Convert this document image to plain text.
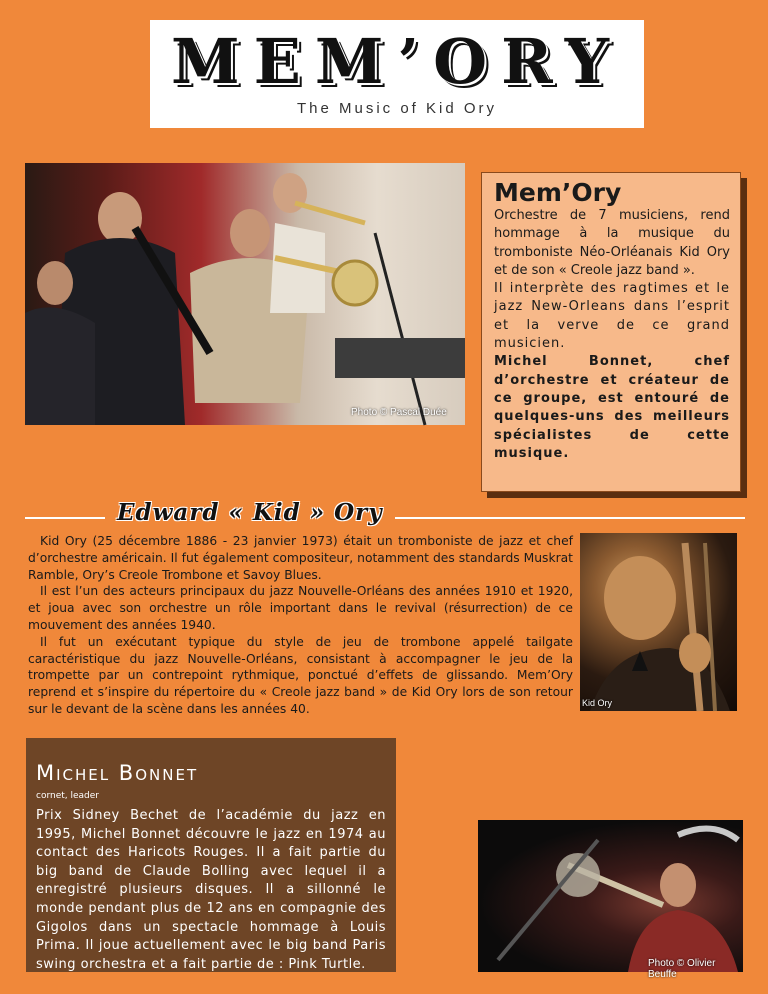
MEM’ORY
The Music of Kid Ory
Photo © Pascal Duée
Mem’Ory

Orchestre de 7 musiciens, rend hommage à la musique du tromboniste Néo-Orléanais Kid Ory et de son « Creole jazz band ».

Il interprète des ragtimes et le jazz New-Orleans dans l’esprit et la verve de ce grand musicien.

Michel Bonnet, chef d’orchestre et créateur de ce groupe, est entouré de quelques-uns des meilleurs spécialistes de cette musique.

Edward « Kid » Ory

Kid Ory (25 décembre 1886 - 23 janvier 1973) était un tromboniste de jazz et chef d’orchestre américain. Il fut également compositeur, notamment des standards Muskrat Ramble, Ory’s Creole Trombone et Savoy Blues.

Il est l’un des acteurs principaux du jazz Nouvelle-Orléans des années 1910 et 1920, et joua avec son orchestre un rôle important dans le revival (résurrection) de ce mouvement des années 1940.

Il fut un exécutant typique du style de jeu de trombone appelé tailgate caractéristique du jazz Nouvelle-Orléans, consistant à accompagner le jeu de la trompette par un contrepoint rythmique, ponctué d’effets de glissando. Mem’Ory reprend et s’inspire du répertoire du « Creole jazz band » de Kid Ory lors de son retour sur le devant de la scène dans les années 40.	Kid Ory
Michel Bonnet
cornet, leader
Prix Sidney Bechet de l’académie du jazz en 1995, Michel Bonnet découvre le jazz en 1974 au contact des Haricots Rouges. Il a fait partie du big band de Claude Bolling avec lequel il a enregistré plusieurs disques. Il a sillonné le monde pendant plus de 12 ans en compagnie des Gigolos dans un spectacle hommage à Louis Prima. Il joue actuellement avec le big band Paris swing orchestra et a fait partie de : Pink Turtle.	Photo © Olivier Beuffe
